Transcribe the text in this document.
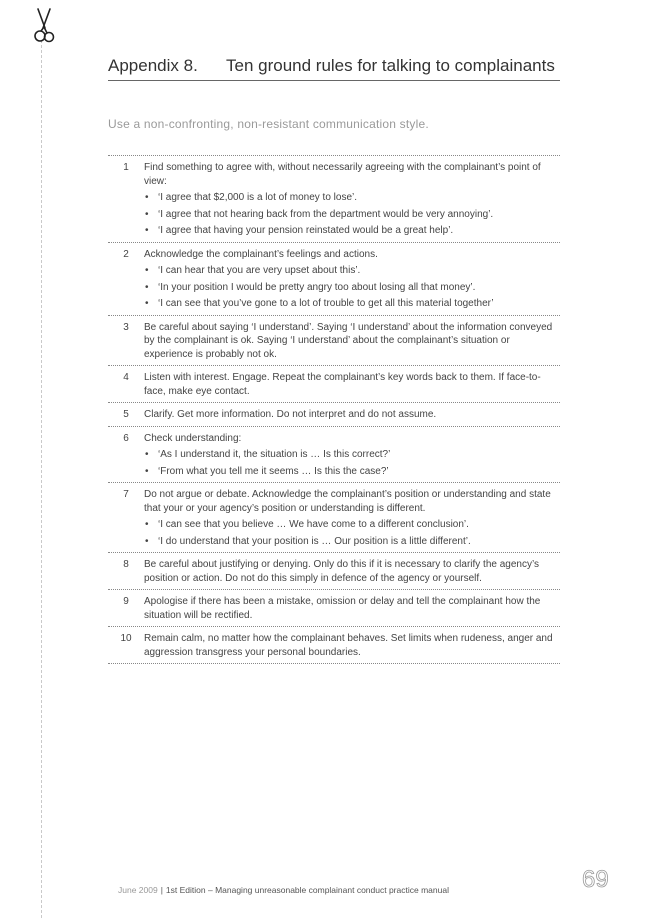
Appendix 8. Ten ground rules for talking to complainants
Use a non-confronting, non-resistant communication style.
1	Find something to agree with, without necessarily agreeing with the complainant’s point of view:

• ‘I agree that $2,000 is a lot of money to lose’.
• ‘I agree that not hearing back from the department would be very annoying’.
• ‘I agree that having your pension reinstated would be a great help’.
2	Acknowledge the complainant’s feelings and actions.

• ‘I can hear that you are very upset about this’.
• ‘In your position I would be pretty angry too about losing all that money’.
• ‘I can see that you’ve gone to a lot of trouble to get all this material together’
3	Be careful about saying ‘I understand’. Saying ‘I understand’ about the information conveyed by the complainant is ok. Saying ‘I understand’ about the complainant’s situation or experience is probably not ok.

4	Listen with interest. Engage. Repeat the complainant’s key words back to them. If face-to-face, make eye contact.

5	Clarify. Get more information. Do not interpret and do not assume.

6	Check understanding:

• ‘As I understand it, the situation is … Is this correct?’
• ‘From what you tell me it seems … Is this the case?’
7	Do not argue or debate. Acknowledge the complainant’s position or understanding and state that your or your agency’s position or understanding is different.

• ‘I can see that you believe … We have come to a different conclusion’.
• ‘I do understand that your position is … Our position is a little different’.
8	Be careful about justifying or denying. Only do this if it is necessary to clarify the agency’s position or action. Do not do this simply in defence of the agency or yourself.

9	Apologise if there has been a mistake, omission or delay and tell the complainant how the situation will be rectified.

10	Remain calm, no matter how the complainant behaves. Set limits when rudeness, anger and aggression transgress your personal boundaries.

June 2009 | 1st Edition – Managing unreasonable complainant conduct practice manual	69
